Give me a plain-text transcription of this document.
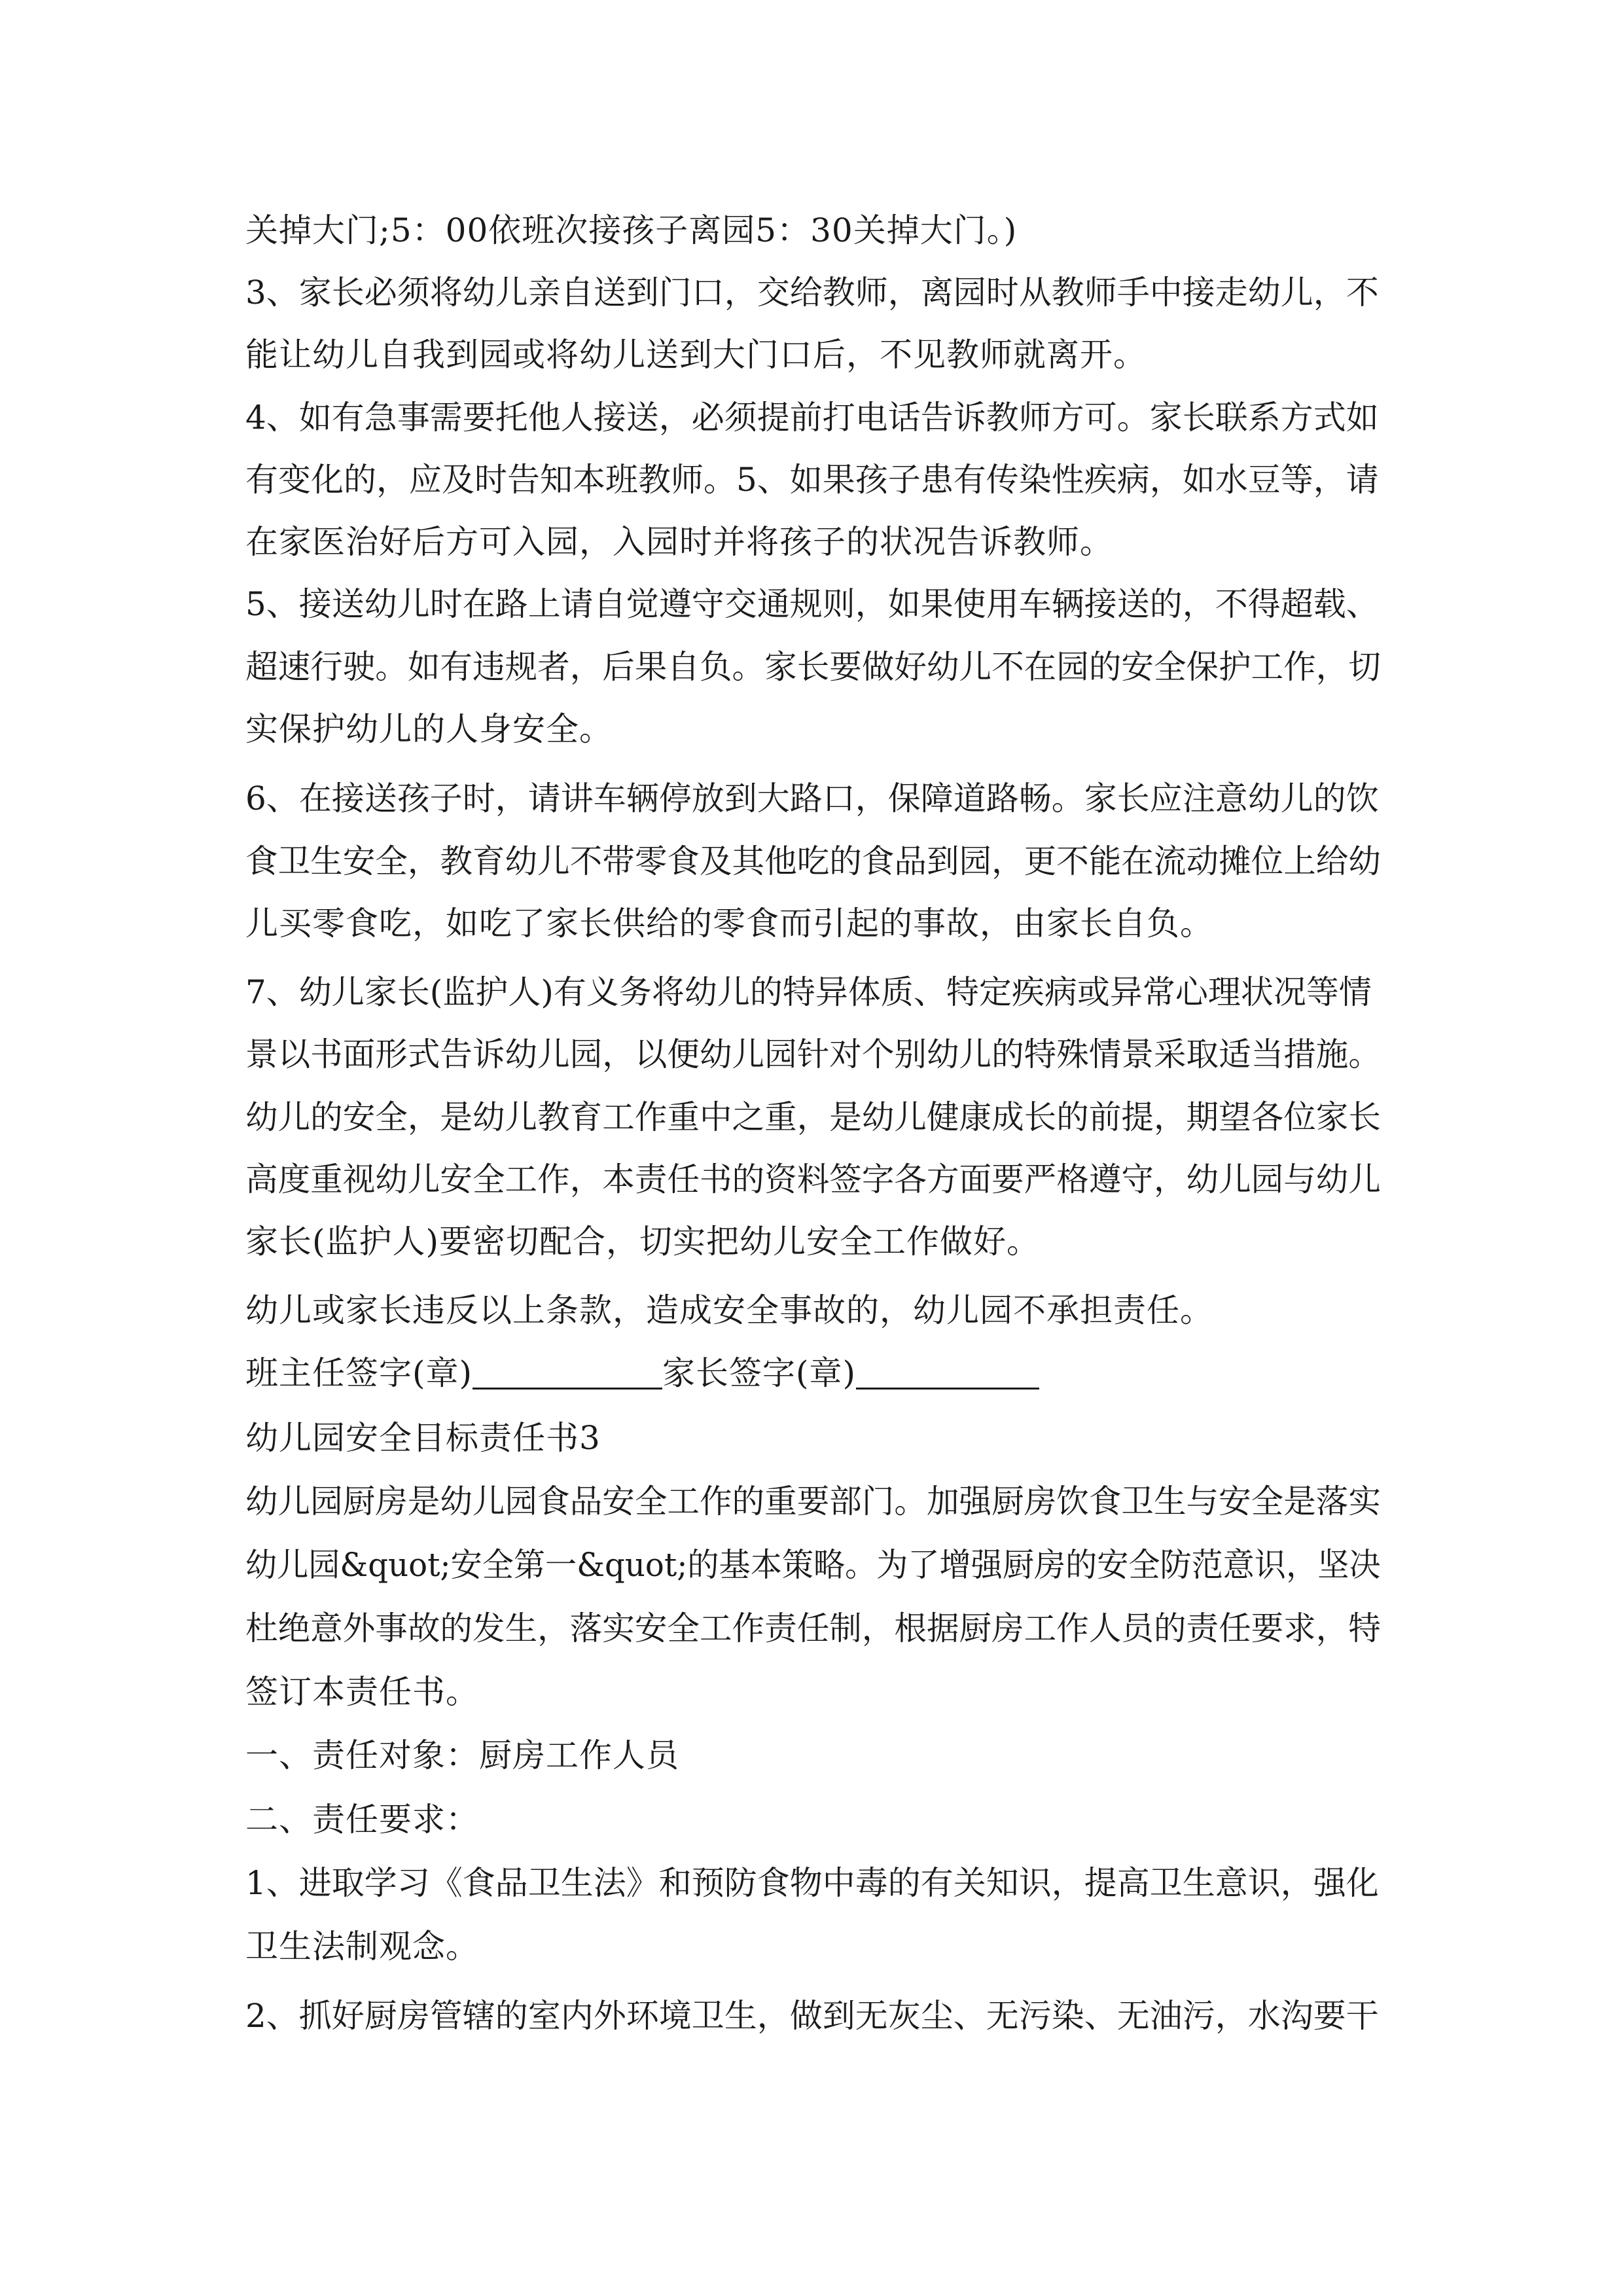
关掉大门;5：00依班次接孩子离园5：30关掉大门。)
3、家长必须将幼儿亲自送到门口，交给教师，离园时从教师手中接走幼儿，不
能让幼儿自我到园或将幼儿送到大门口后，不见教师就离开。
4、如有急事需要托他人接送，必须提前打电话告诉教师方可。家长联系方式如
有变化的，应及时告知本班教师。5、如果孩子患有传染性疾病，如水豆等，请
在家医治好后方可入园，入园时并将孩子的状况告诉教师。
5、接送幼儿时在路上请自觉遵守交通规则，如果使用车辆接送的，不得超载、
超速行驶。如有违规者，后果自负。家长要做好幼儿不在园的安全保护工作，切
实保护幼儿的人身安全。
6、在接送孩子时，请讲车辆停放到大路口，保障道路畅。家长应注意幼儿的饮
食卫生安全，教育幼儿不带零食及其他吃的食品到园，更不能在流动摊位上给幼
儿买零食吃，如吃了家长供给的零食而引起的事故，由家长自负。
7、幼儿家长(监护人)有义务将幼儿的特异体质、特定疾病或异常心理状况等情
景以书面形式告诉幼儿园，以便幼儿园针对个别幼儿的特殊情景采取适当措施。
幼儿的安全，是幼儿教育工作重中之重，是幼儿健康成长的前提，期望各位家长
高度重视幼儿安全工作，本责任书的资料签字各方面要严格遵守，幼儿园与幼儿
家长(监护人)要密切配合，切实把幼儿安全工作做好。
幼儿或家长违反以上条款，造成安全事故的，幼儿园不承担责任。
班主任签字(章)	家长签字(章)
幼儿园安全目标责任书3
幼儿园厨房是幼儿园食品安全工作的重要部门。加强厨房饮食卫生与安全是落实
幼儿园&quot;安全第一&quot;的基本策略。为了增强厨房的安全防范意识，坚决
杜绝意外事故的发生，落实安全工作责任制，根据厨房工作人员的责任要求，特
签订本责任书。
一、责任对象：厨房工作人员
二、责任要求：
1、进取学习《食品卫生法》和预防食物中毒的有关知识，提高卫生意识，强化
卫生法制观念。
2、抓好厨房管辖的室内外环境卫生，做到无灰尘、无污染、无油污，水沟要干
